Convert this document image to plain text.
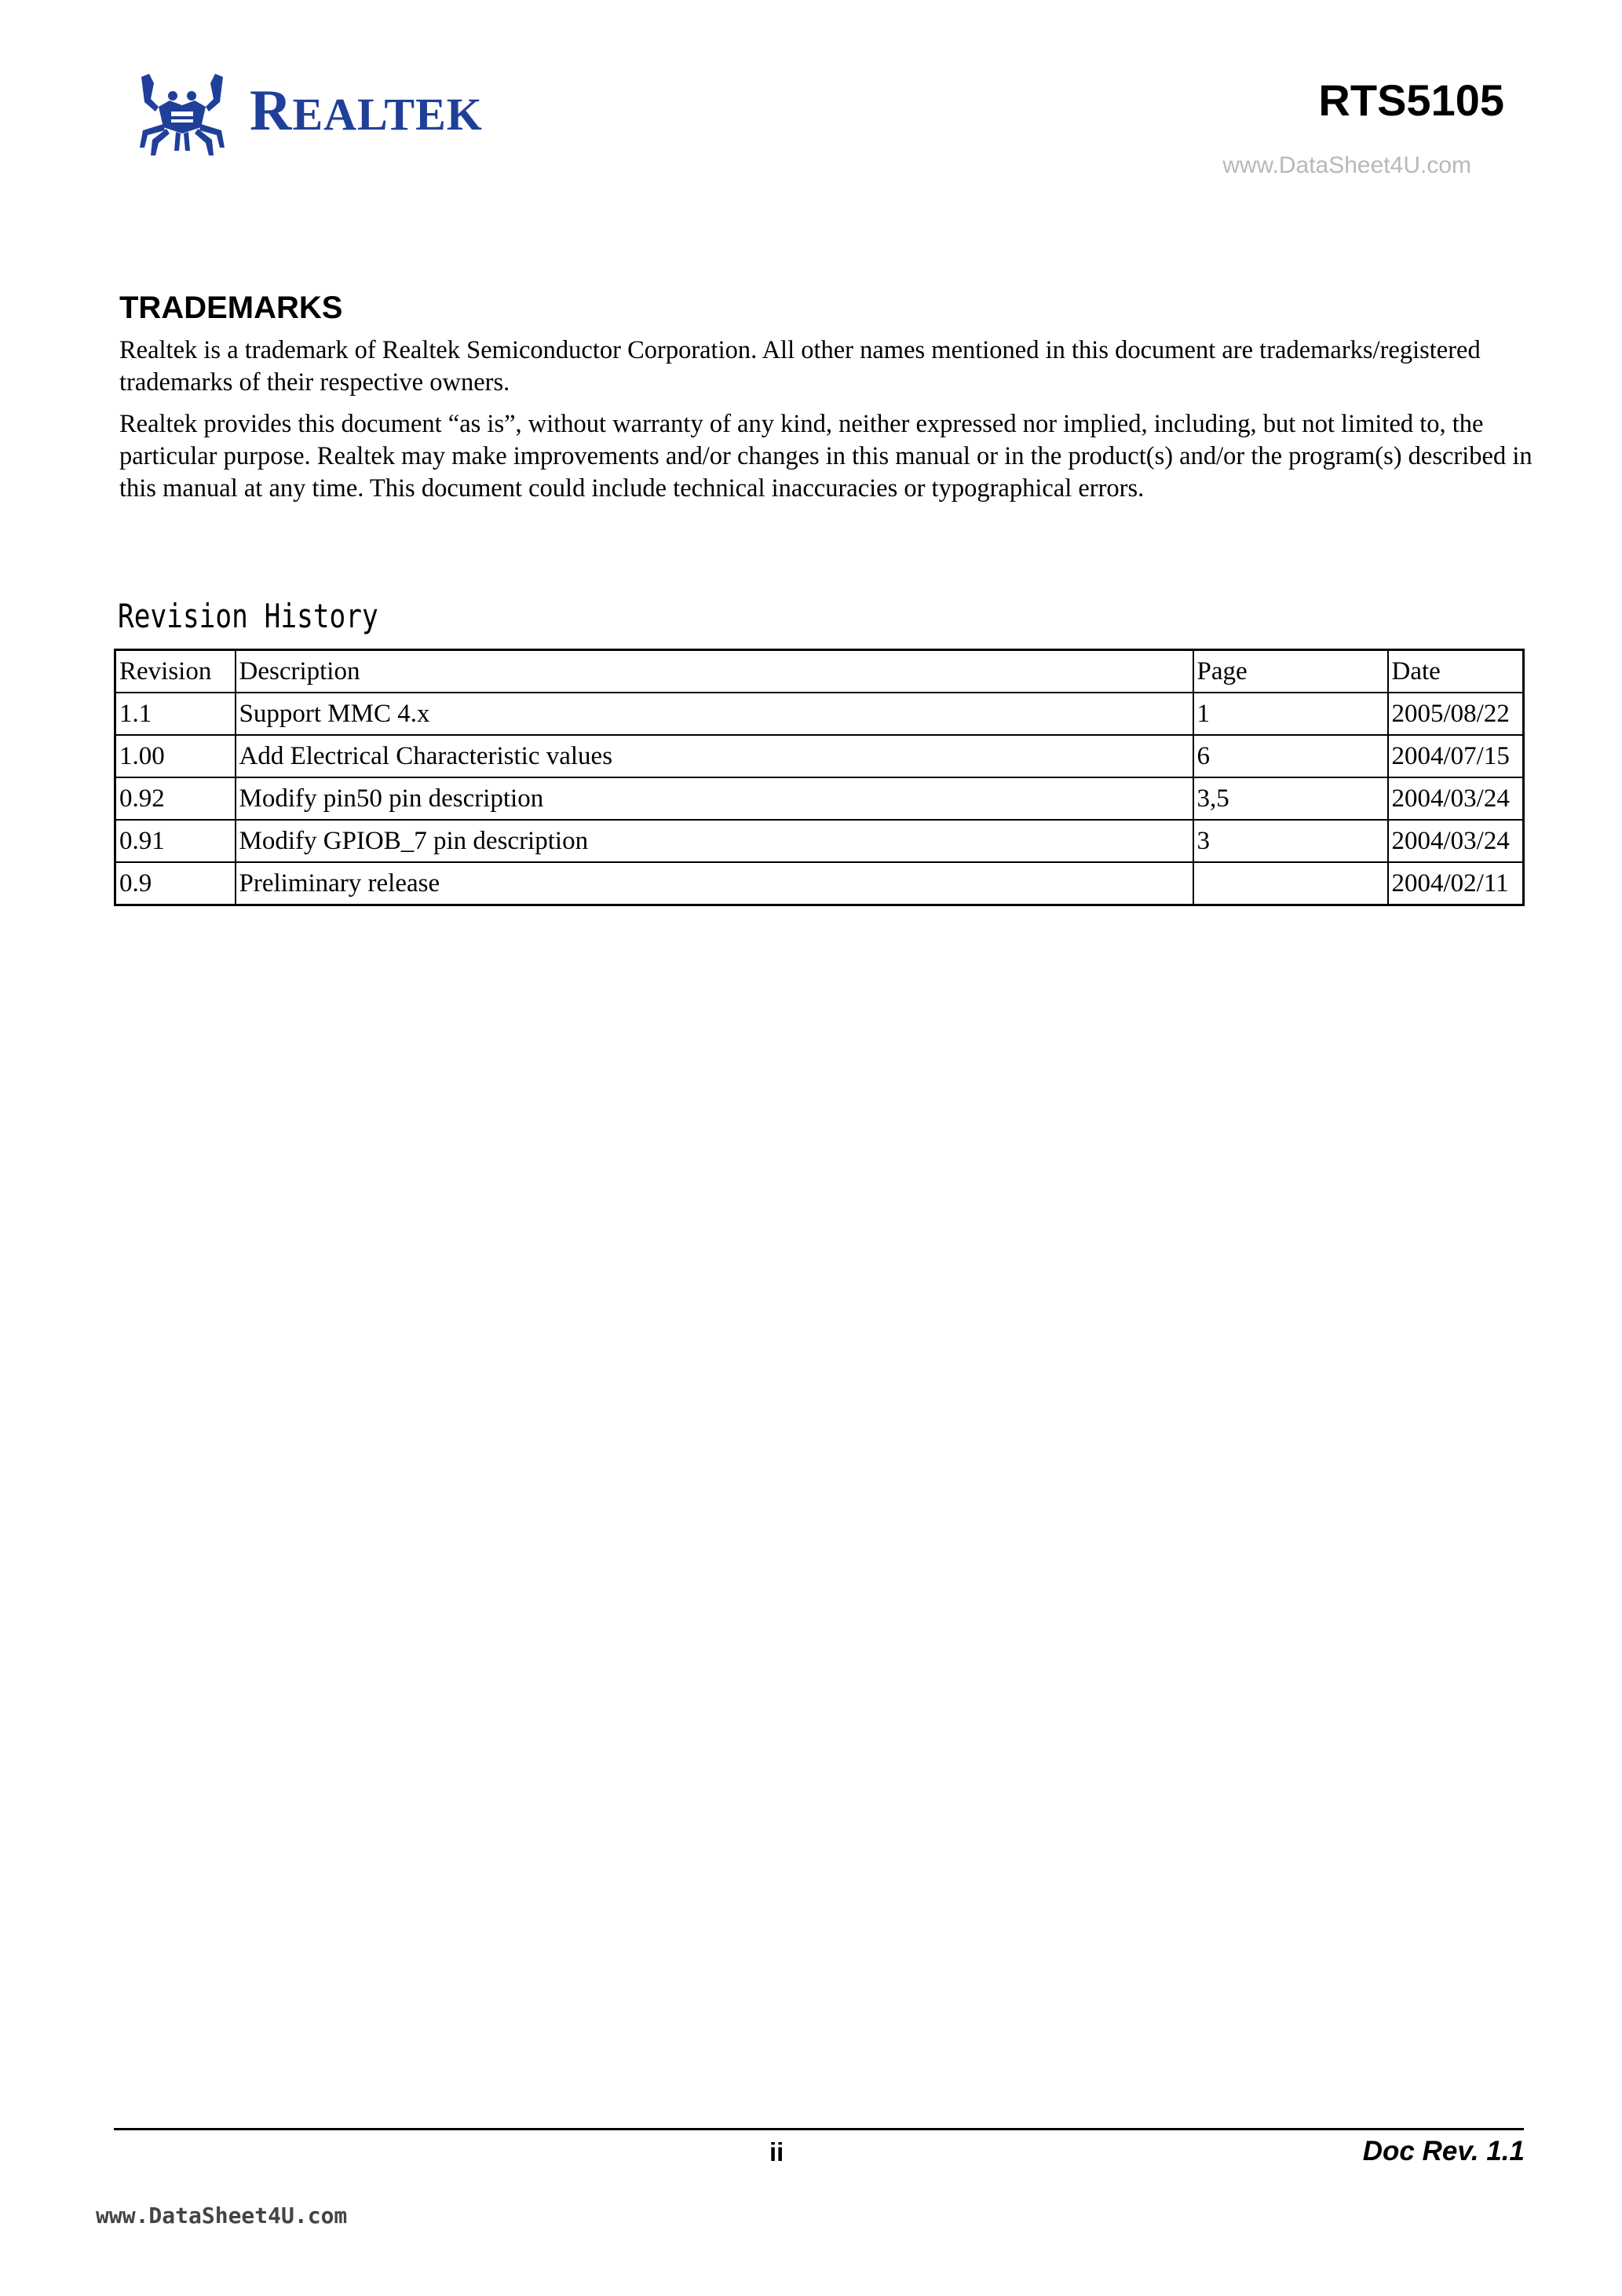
REALTEK	RTS5105
www.DataSheet4U.com
TRADEMARKS
Realtek is a trademark of Realtek Semiconductor Corporation. All other names mentioned in this document are trademarks/registered trademarks of their respective owners.
Realtek provides this document “as is”, without warranty of any kind, neither expressed nor implied, including, but not limited to, the particular purpose. Realtek may make improvements and/or changes in this manual or in the product(s) and/or the program(s) described in this manual at any time. This document could include technical inaccuracies or typographical errors.
Revision History
Revision	Description	Page	Date
1.1	Support MMC 4.x	1	2005/08/22
1.00	Add Electrical Characteristic values	6	2004/07/15
0.92	Modify pin50 pin description	3,5	2004/03/24
0.91	Modify GPIOB_7 pin description	3	2004/03/24
0.9	Preliminary release		2004/02/11
ii	Doc Rev. 1.1
www.DataSheet4U.com
